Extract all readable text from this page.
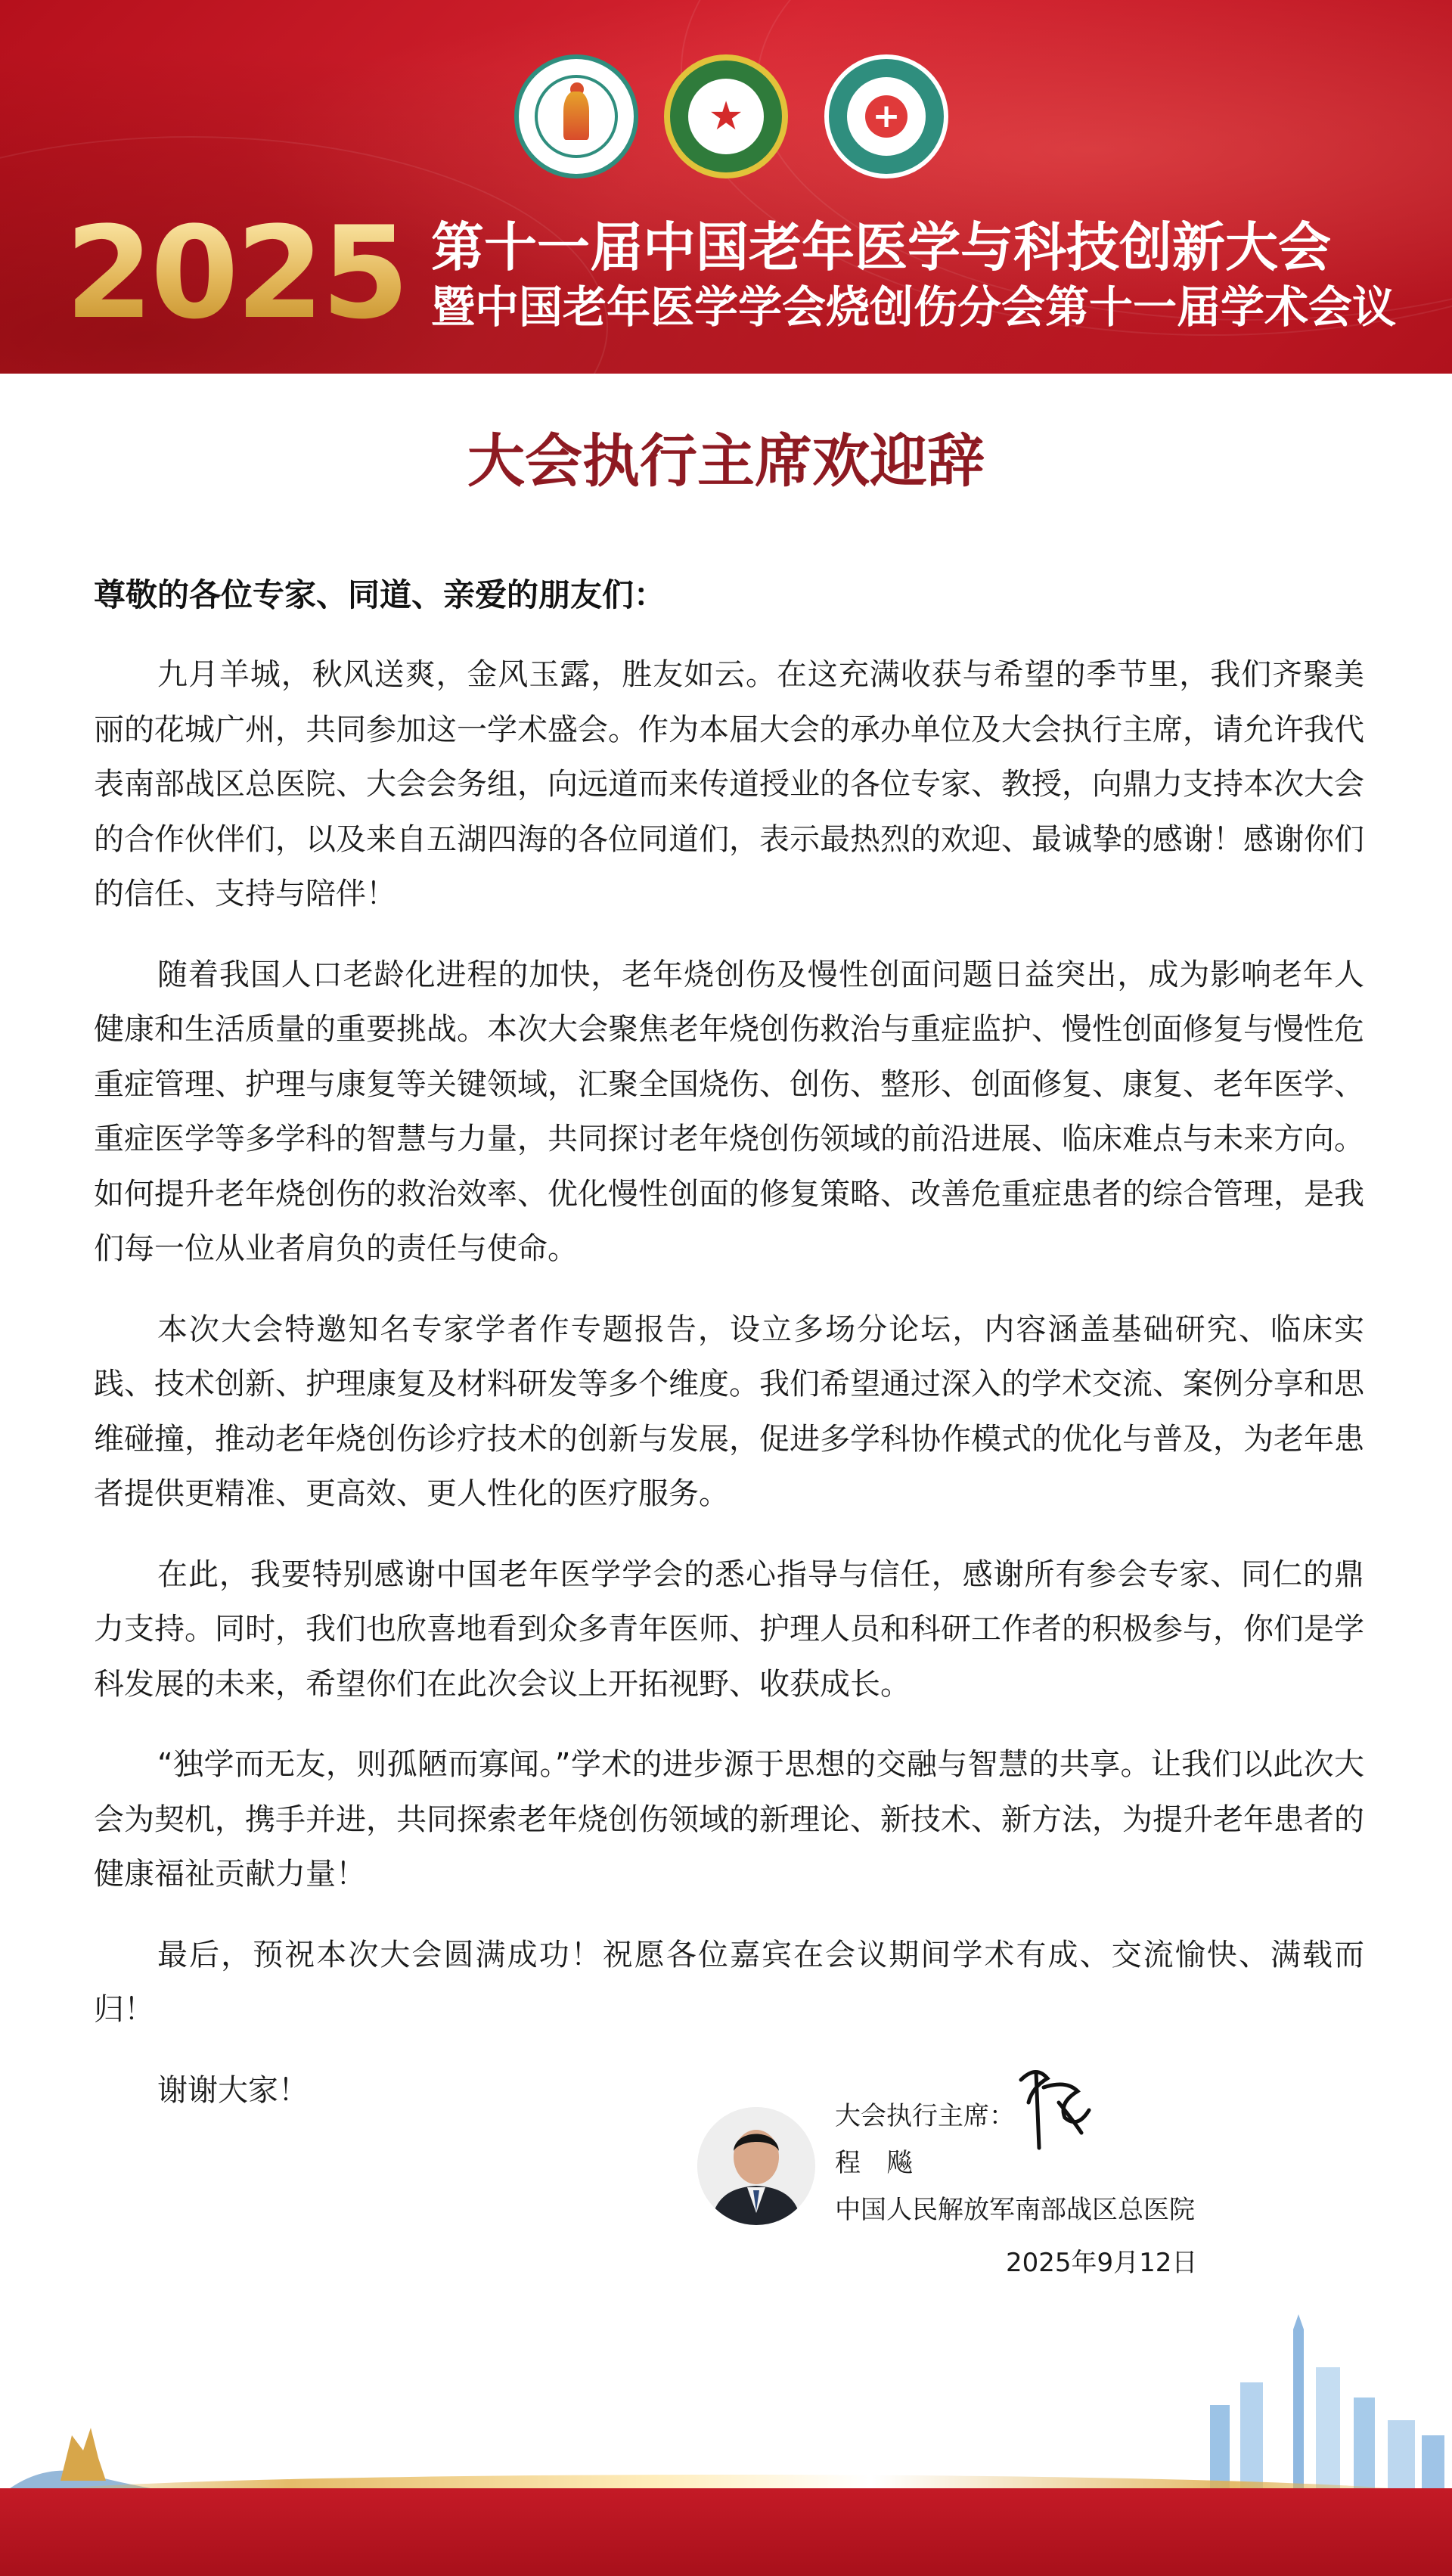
★	+
2025 第十一届中国老年医学与科技创新大会
暨中国老年医学学会烧创伤分会第十一届学术会议
大会执行主席欢迎辞
尊敬的各位专家、同道、亲爱的朋友们：

九月羊城，秋风送爽，金风玉露，胜友如云。在这充满收获与希望的季节里，我们齐聚美丽的花城广州，共同参加这一学术盛会。作为本届大会的承办单位及大会执行主席，请允许我代表南部战区总医院、大会会务组，向远道而来传道授业的各位专家、教授，向鼎力支持本次大会的合作伙伴们，以及来自五湖四海的各位同道们，表示最热烈的欢迎、最诚挚的感谢！感谢你们的信任、支持与陪伴！

随着我国人口老龄化进程的加快，老年烧创伤及慢性创面问题日益突出，成为影响老年人健康和生活质量的重要挑战。本次大会聚焦老年烧创伤救治与重症监护、慢性创面修复与慢性危重症管理、护理与康复等关键领域，汇聚全国烧伤、创伤、整形、创面修复、康复、老年医学、重症医学等多学科的智慧与力量，共同探讨老年烧创伤领域的前沿进展、临床难点与未来方向。如何提升老年烧创伤的救治效率、优化慢性创面的修复策略、改善危重症患者的综合管理，是我们每一位从业者肩负的责任与使命。

本次大会特邀知名专家学者作专题报告，设立多场分论坛，内容涵盖基础研究、临床实践、技术创新、护理康复及材料研发等多个维度。我们希望通过深入的学术交流、案例分享和思维碰撞，推动老年烧创伤诊疗技术的创新与发展，促进多学科协作模式的优化与普及，为老年患者提供更精准、更高效、更人性化的医疗服务。

在此，我要特别感谢中国老年医学学会的悉心指导与信任，感谢所有参会专家、同仁的鼎力支持。同时，我们也欣喜地看到众多青年医师、护理人员和科研工作者的积极参与，你们是学科发展的未来，希望你们在此次会议上开拓视野、收获成长。

“独学而无友，则孤陋而寡闻。”学术的进步源于思想的交融与智慧的共享。让我们以此次大会为契机，携手并进，共同探索老年烧创伤领域的新理论、新技术、新方法，为提升老年患者的健康福祉贡献力量！

最后，预祝本次大会圆满成功！祝愿各位嘉宾在会议期间学术有成、交流愉快、满载而归！

谢谢大家！

大会执行主席：
程 飚
中国人民解放军南部战区总医院
2025年9月12日
